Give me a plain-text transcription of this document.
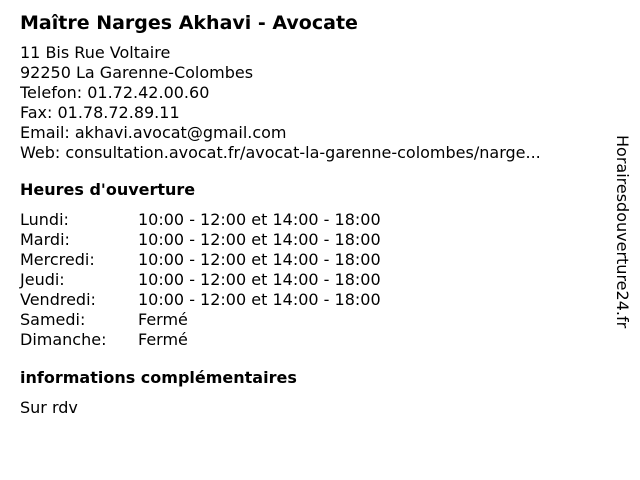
Maître Narges Akhavi - Avocate
11 Bis Rue Voltaire
92250 La Garenne-Colombes
Telefon: 01.72.42.00.60
Fax: 01.78.72.89.11
Email: akhavi.avocat@gmail.com
Web: consultation.avocat.fr/avocat-la-garenne-colombes/narge...
Heures d'ouverture
Lundi:	10:00 - 12:00 et 14:00 - 18:00
Mardi:	10:00 - 12:00 et 14:00 - 18:00
Mercredi:	10:00 - 12:00 et 14:00 - 18:00
Jeudi:	10:00 - 12:00 et 14:00 - 18:00
Vendredi:	10:00 - 12:00 et 14:00 - 18:00
Samedi:	Fermé
Dimanche:	Fermé
informations complémentaires
Sur rdv
Horairesdouverture24.fr
